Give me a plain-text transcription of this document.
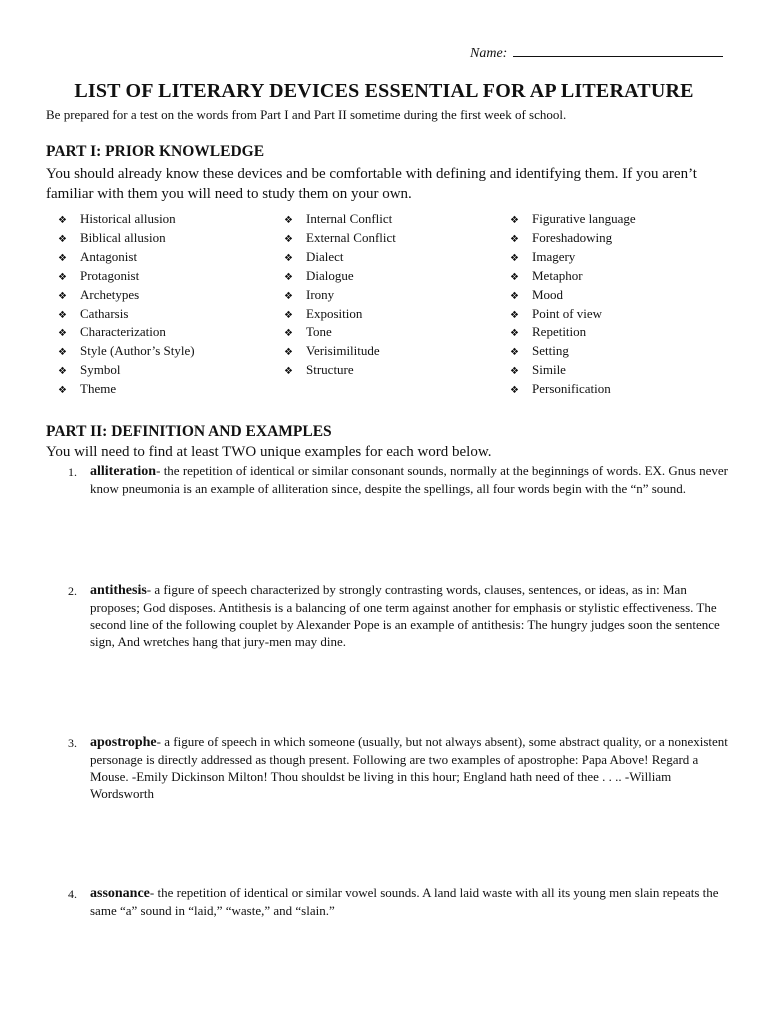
Name:
LIST OF LITERARY DEVICES ESSENTIAL FOR AP LITERATURE

Be prepared for a test on the words from Part I and Part II sometime during the first week of school.

PART I: PRIOR KNOWLEDGE

You should already know these devices and be comfortable with defining and identifying them. If you aren’t familiar with them you will need to study them on your own.

❖ Historical allusion
❖ Biblical allusion
❖ Antagonist
❖ Protagonist
❖ Archetypes
❖ Catharsis
❖ Characterization
❖ Style (Author’s Style)
❖ Symbol
❖ Theme
❖ Internal Conflict
❖ External Conflict
❖ Dialect
❖ Dialogue
❖ Irony
❖ Exposition
❖ Tone
❖ Verisimilitude
❖ Structure
❖ Figurative language
❖ Foreshadowing
❖ Imagery
❖ Metaphor
❖ Mood
❖ Point of view
❖ Repetition
❖ Setting
❖ Simile
❖ Personification
PART II: DEFINITION AND EXAMPLES

You will need to find at least TWO unique examples for each word below.

1. alliteration- the repetition of identical or similar consonant sounds, normally at the beginnings of words. EX. Gnus never know pneumonia is an example of alliteration since, despite the spellings, all four words begin with the “n” sound.
2. antithesis- a figure of speech characterized by strongly contrasting words, clauses, sentences, or ideas, as in: Man proposes; God disposes. Antithesis is a balancing of one term against another for emphasis or stylistic effectiveness. The second line of the following couplet by Alexander Pope is an example of antithesis: The hungry judges soon the sentence sign, And wretches hang that jury-men may dine.
3. apostrophe- a figure of speech in which someone (usually, but not always absent), some abstract quality, or a nonexistent personage is directly addressed as though present. Following are two examples of apostrophe: Papa Above! Regard a Mouse. -Emily Dickinson Milton! Thou shouldst be living in this hour; England hath need of thee . . .. -William Wordsworth
4. assonance- the repetition of identical or similar vowel sounds. A land laid waste with all its young men slain repeats the same “a” sound in “laid,” “waste,” and “slain.”
